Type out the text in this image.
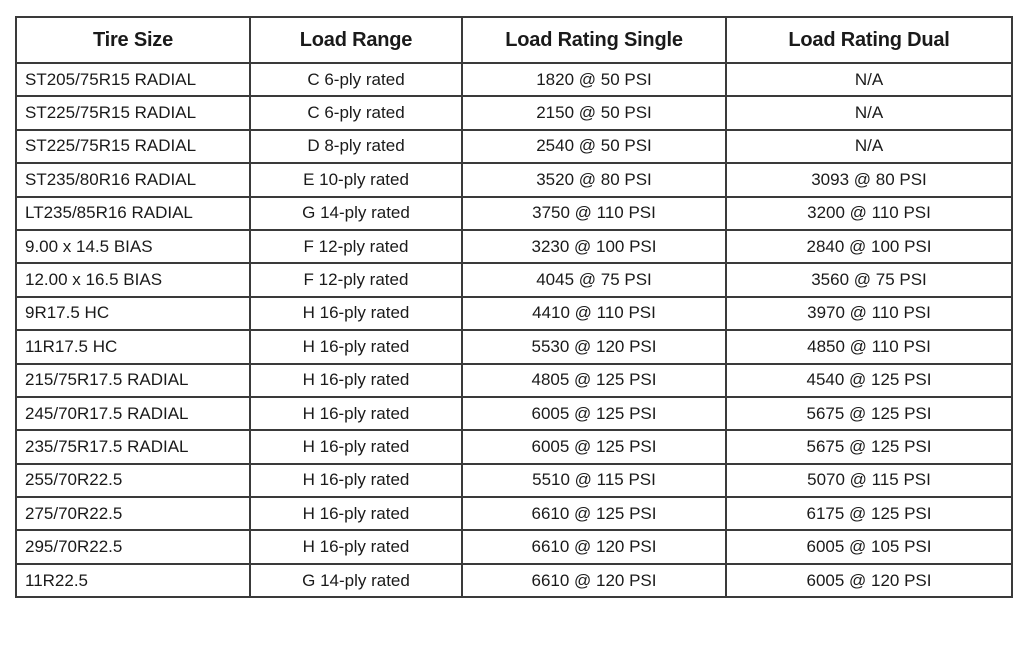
Tire Size	Load Range	Load Rating Single	Load Rating Dual
ST205/75R15 RADIAL	C 6-ply rated	1820 @ 50 PSI	N/A
ST225/75R15 RADIAL	C 6-ply rated	2150 @ 50 PSI	N/A
ST225/75R15 RADIAL	D 8-ply rated	2540 @ 50 PSI	N/A
ST235/80R16 RADIAL	E 10-ply rated	3520 @ 80 PSI	3093 @ 80 PSI
LT235/85R16 RADIAL	G 14-ply rated	3750 @ 110 PSI	3200 @ 110 PSI
9.00 x 14.5 BIAS	F 12-ply rated	3230 @ 100 PSI	2840 @ 100 PSI
12.00 x 16.5 BIAS	F 12-ply rated	4045 @ 75 PSI	3560 @ 75 PSI
9R17.5 HC	H 16-ply rated	4410 @ 110 PSI	3970 @ 110 PSI
11R17.5 HC	H 16-ply rated	5530 @ 120 PSI	4850 @ 110 PSI
215/75R17.5 RADIAL	H 16-ply rated	4805 @ 125 PSI	4540 @ 125 PSI
245/70R17.5 RADIAL	H 16-ply rated	6005 @ 125 PSI	5675 @ 125 PSI
235/75R17.5 RADIAL	H 16-ply rated	6005 @ 125 PSI	5675 @ 125 PSI
255/70R22.5	H 16-ply rated	5510 @ 115 PSI	5070 @ 115 PSI
275/70R22.5	H 16-ply rated	6610 @ 125 PSI	6175 @ 125 PSI
295/70R22.5	H 16-ply rated	6610 @ 120 PSI	6005 @ 105 PSI
11R22.5	G 14-ply rated	6610 @ 120 PSI	6005 @ 120 PSI
